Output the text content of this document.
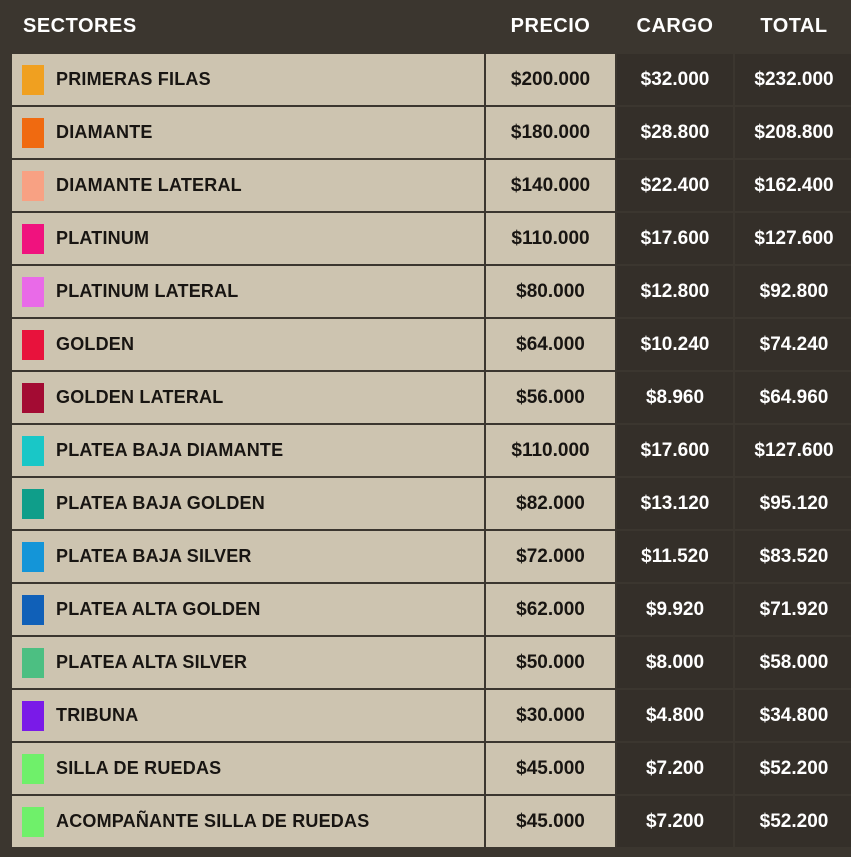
SECTORES	PRECIO	CARGO	TOTAL

PRIMERAS FILAS	$200.000	$32.000	$232.000

DIAMANTE	$180.000	$28.800	$208.800

DIAMANTE LATERAL	$140.000	$22.400	$162.400

PLATINUM	$110.000	$17.600	$127.600

PLATINUM LATERAL	$80.000	$12.800	$92.800

GOLDEN	$64.000	$10.240	$74.240

GOLDEN LATERAL	$56.000	$8.960	$64.960

PLATEA BAJA DIAMANTE	$110.000	$17.600	$127.600

PLATEA BAJA GOLDEN	$82.000	$13.120	$95.120

PLATEA BAJA SILVER	$72.000	$11.520	$83.520

PLATEA ALTA GOLDEN	$62.000	$9.920	$71.920

PLATEA ALTA SILVER	$50.000	$8.000	$58.000

TRIBUNA	$30.000	$4.800	$34.800

SILLA DE RUEDAS	$45.000	$7.200	$52.200

ACOMPAÑANTE SILLA DE RUEDAS	$45.000	$7.200	$52.200
